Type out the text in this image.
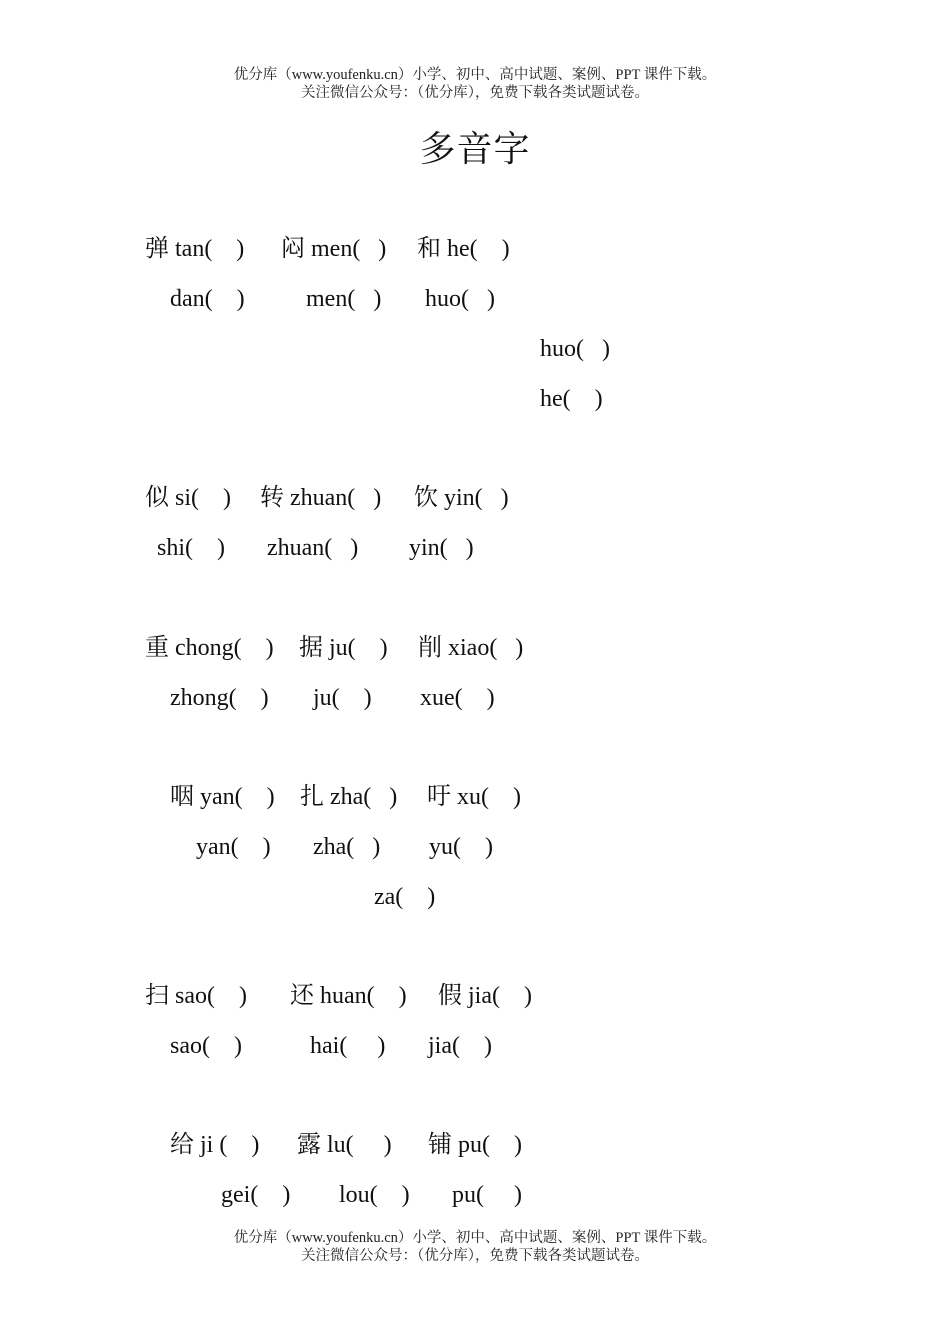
优分库（www.youfenku.cn）小学、初中、高中试题、案例、PPT 课件下载。
关注微信公众号：（优分库），免费下载各类试题试卷。
多音字
弹 tan(    ) 闷 men(   ) 和 he(    )
dan(    )	men(   ) huo(   )
huo(   )
he(    )
似 si(    ) 转 zhuan(   ) 饮 yin(   )
shi(    ) zhuan(   ) yin(   )
重 chong(    ) 据 ju(    ) 削 xiao(   )
zhong(    ) ju(    ) xue(    )
咽 yan(    ) 扎 zha(   ) 吁 xu(    )
yan(    ) zha(   ) yu(    )
za(    )
扫 sao(    ) 还 huan(    ) 假 jia(    )
sao(    )	hai(     ) jia(    )
给 ji (    ) 露 lu(     ) 铺 pu(    )
gei(    ) lou(    ) pu(     )
优分库（www.youfenku.cn）小学、初中、高中试题、案例、PPT 课件下载。
关注微信公众号：（优分库），免费下载各类试题试卷。
